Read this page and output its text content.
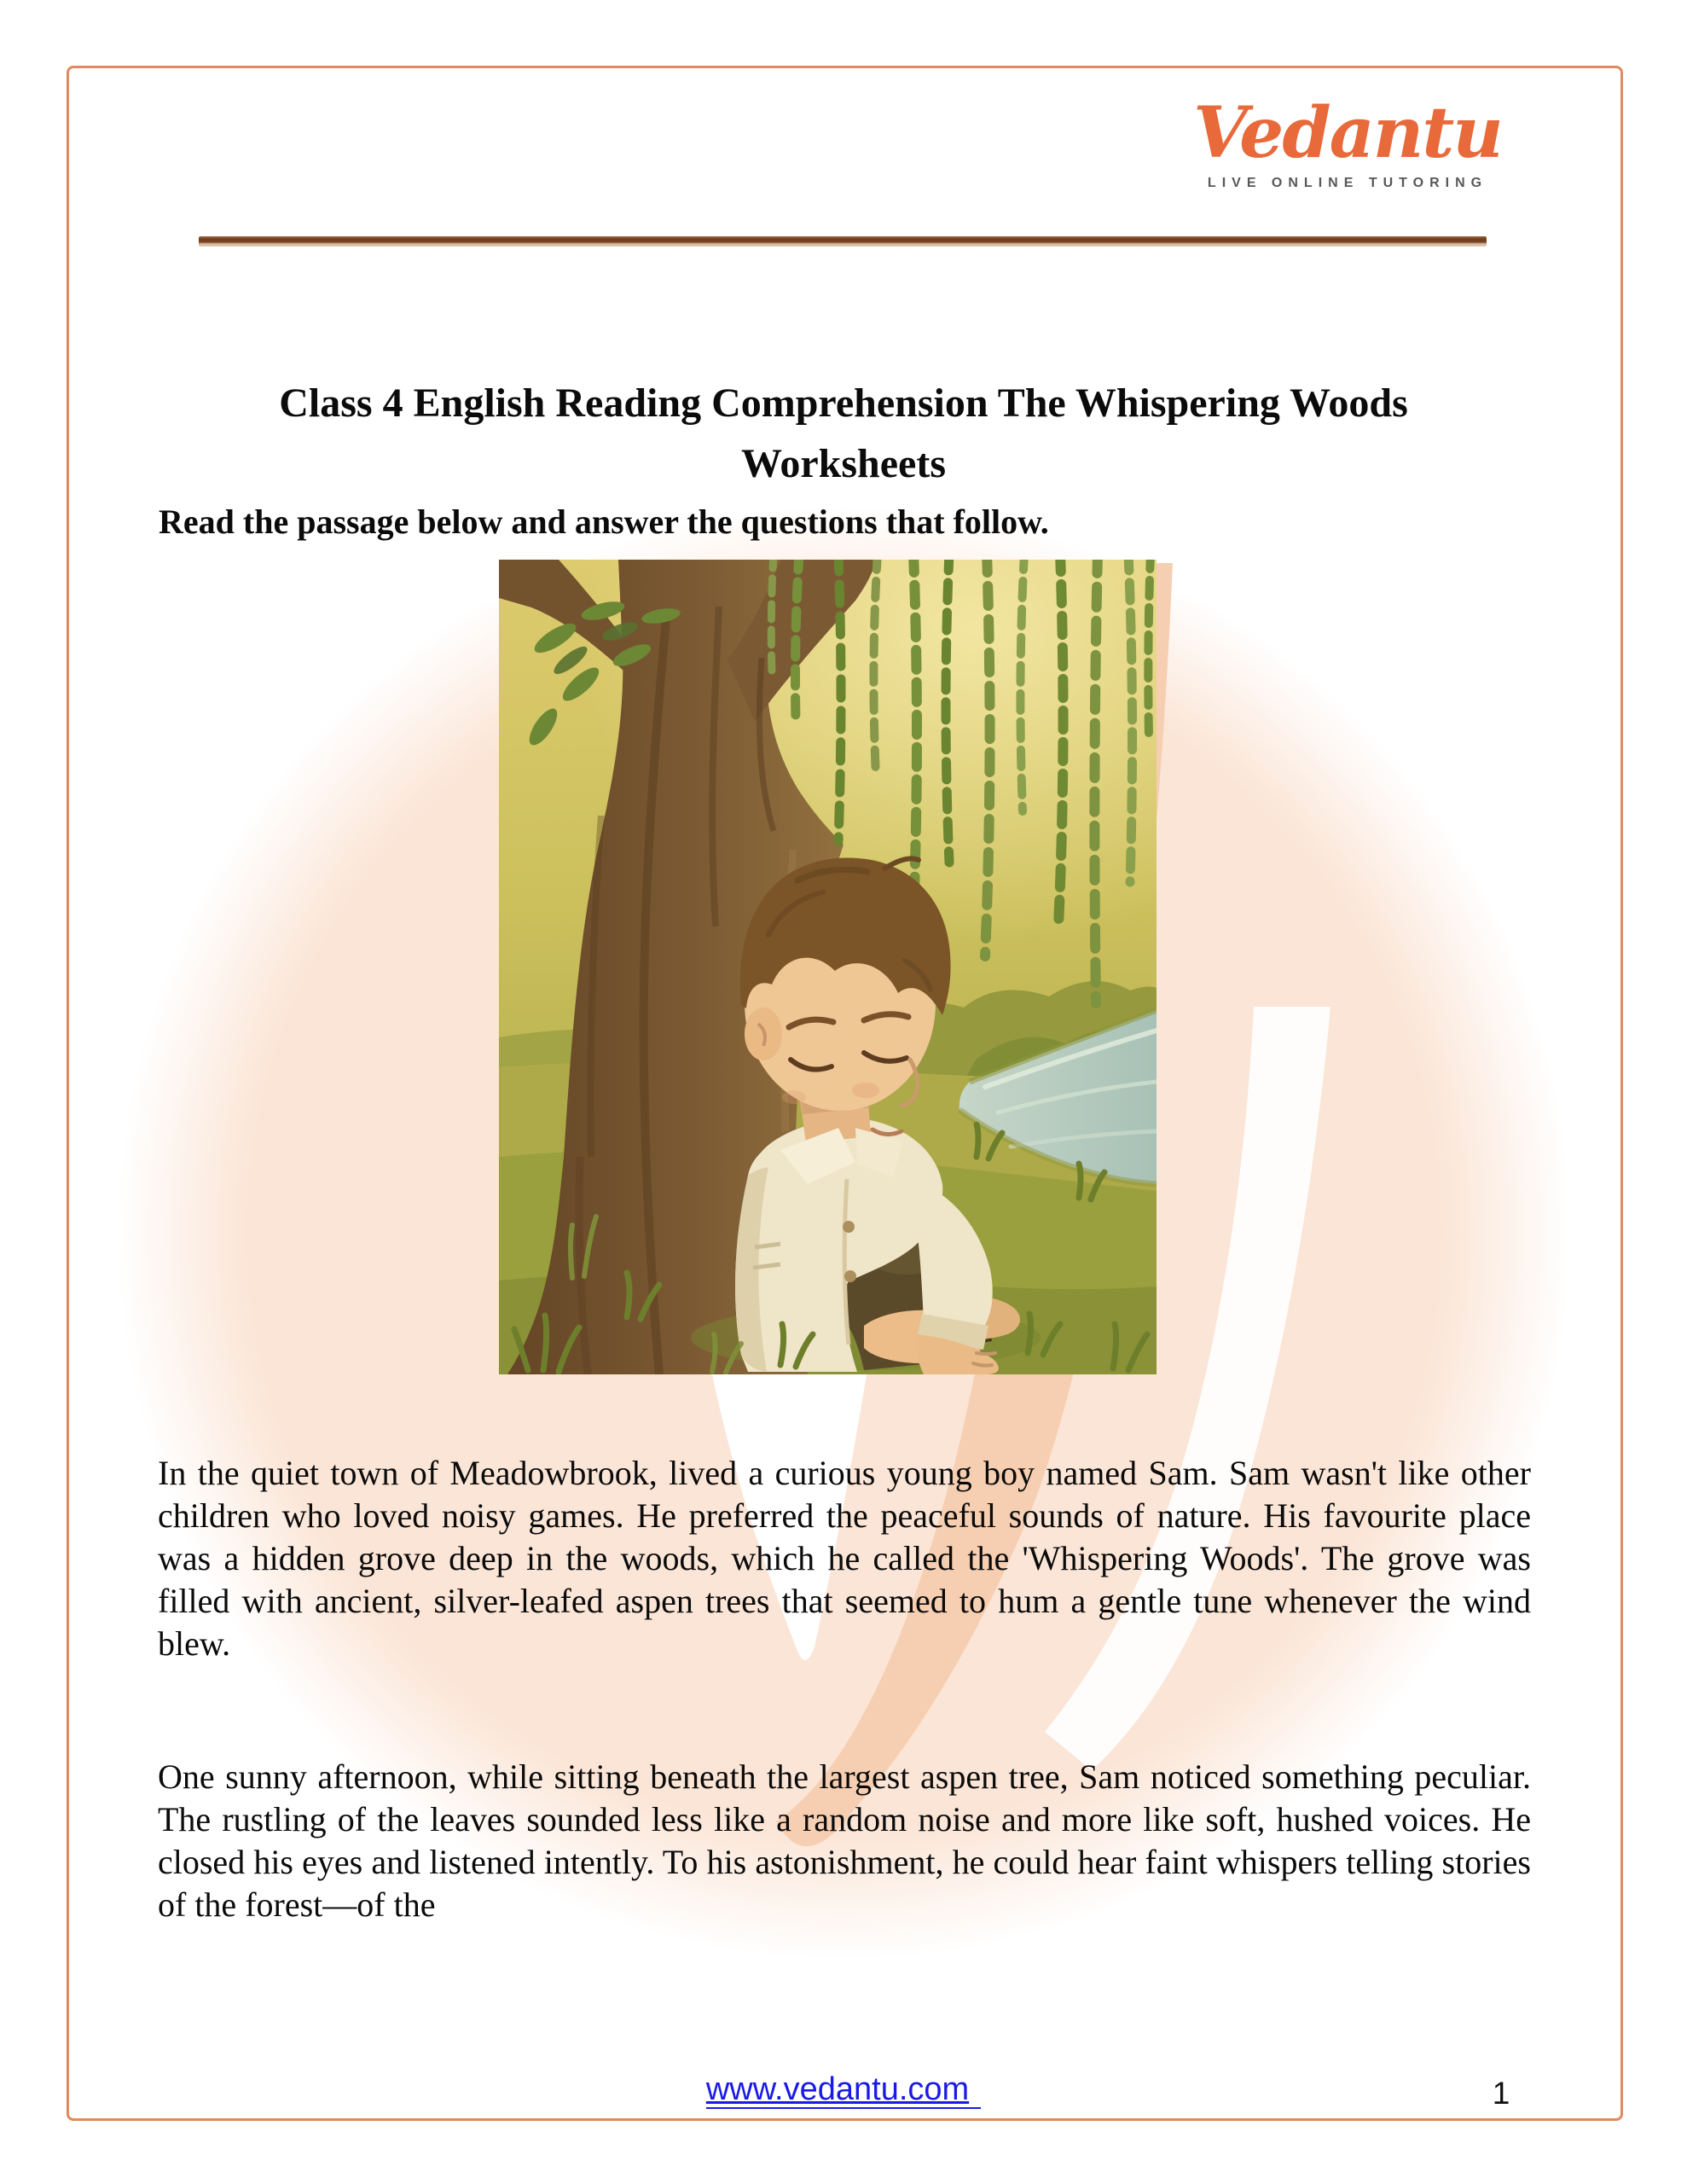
Vedantu
LIVE ONLINE TUTORING
Class 4 English Reading Comprehension The Whispering Woods
Worksheets
Read the passage below and answer the questions that follow.
In the quiet town of Meadowbrook, lived a curious young boy named Sam. Sam wasn't like other children who loved noisy games. He preferred the peaceful sounds of nature. His favourite place was a hidden grove deep in the woods, which he called the 'Whispering Woods'. The grove was filled with ancient, silver-leafed aspen trees that seemed to hum a gentle tune whenever the wind blew.
One sunny afternoon, while sitting beneath the largest aspen tree, Sam noticed something peculiar. The rustling of the leaves sounded less like a random noise and more like soft, hushed voices. He closed his eyes and listened intently. To his astonishment, he could hear faint whispers telling stories of the forest—of the
www.vedantu.com	1
